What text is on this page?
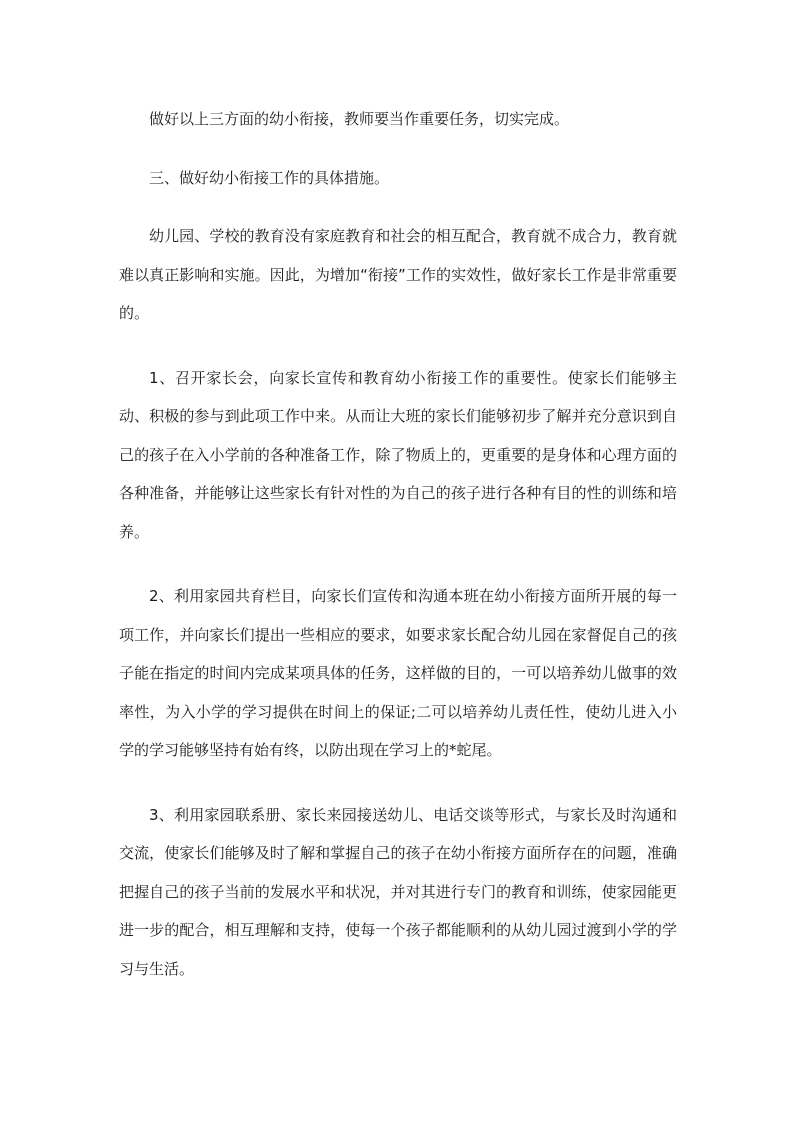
做好以上三方面的幼小衔接，教师要当作重要任务，切实完成。

三、做好幼小衔接工作的具体措施。

幼儿园、学校的教育没有家庭教育和社会的相互配合，教育就不成合力，教育就难以真正影响和实施。因此，为增加“衔接”工作的实效性，做好家长工作是非常重要的。

1、召开家长会，向家长宣传和教育幼小衔接工作的重要性。使家长们能够主动、积极的参与到此项工作中来。从而让大班的家长们能够初步了解并充分意识到自己的孩子在入小学前的各种准备工作，除了物质上的，更重要的是身体和心理方面的各种准备，并能够让这些家长有针对性的为自己的孩子进行各种有目的性的训练和培养。

2、利用家园共育栏目，向家长们宣传和沟通本班在幼小衔接方面所开展的每一项工作，并向家长们提出一些相应的要求，如要求家长配合幼儿园在家督促自己的孩子能在指定的时间内完成某项具体的任务，这样做的目的，一可以培养幼儿做事的效率性，为入小学的学习提供在时间上的保证;二可以培养幼儿责任性，使幼儿进入小学的学习能够坚持有始有终，以防出现在学习上的*蛇尾。

3、利用家园联系册、家长来园接送幼儿、电话交谈等形式，与家长及时沟通和交流，使家长们能够及时了解和掌握自己的孩子在幼小衔接方面所存在的问题，准确把握自己的孩子当前的发展水平和状况，并对其进行专门的教育和训练，使家园能更进一步的配合，相互理解和支持，使每一个孩子都能顺利的从幼儿园过渡到小学的学习与生活。
